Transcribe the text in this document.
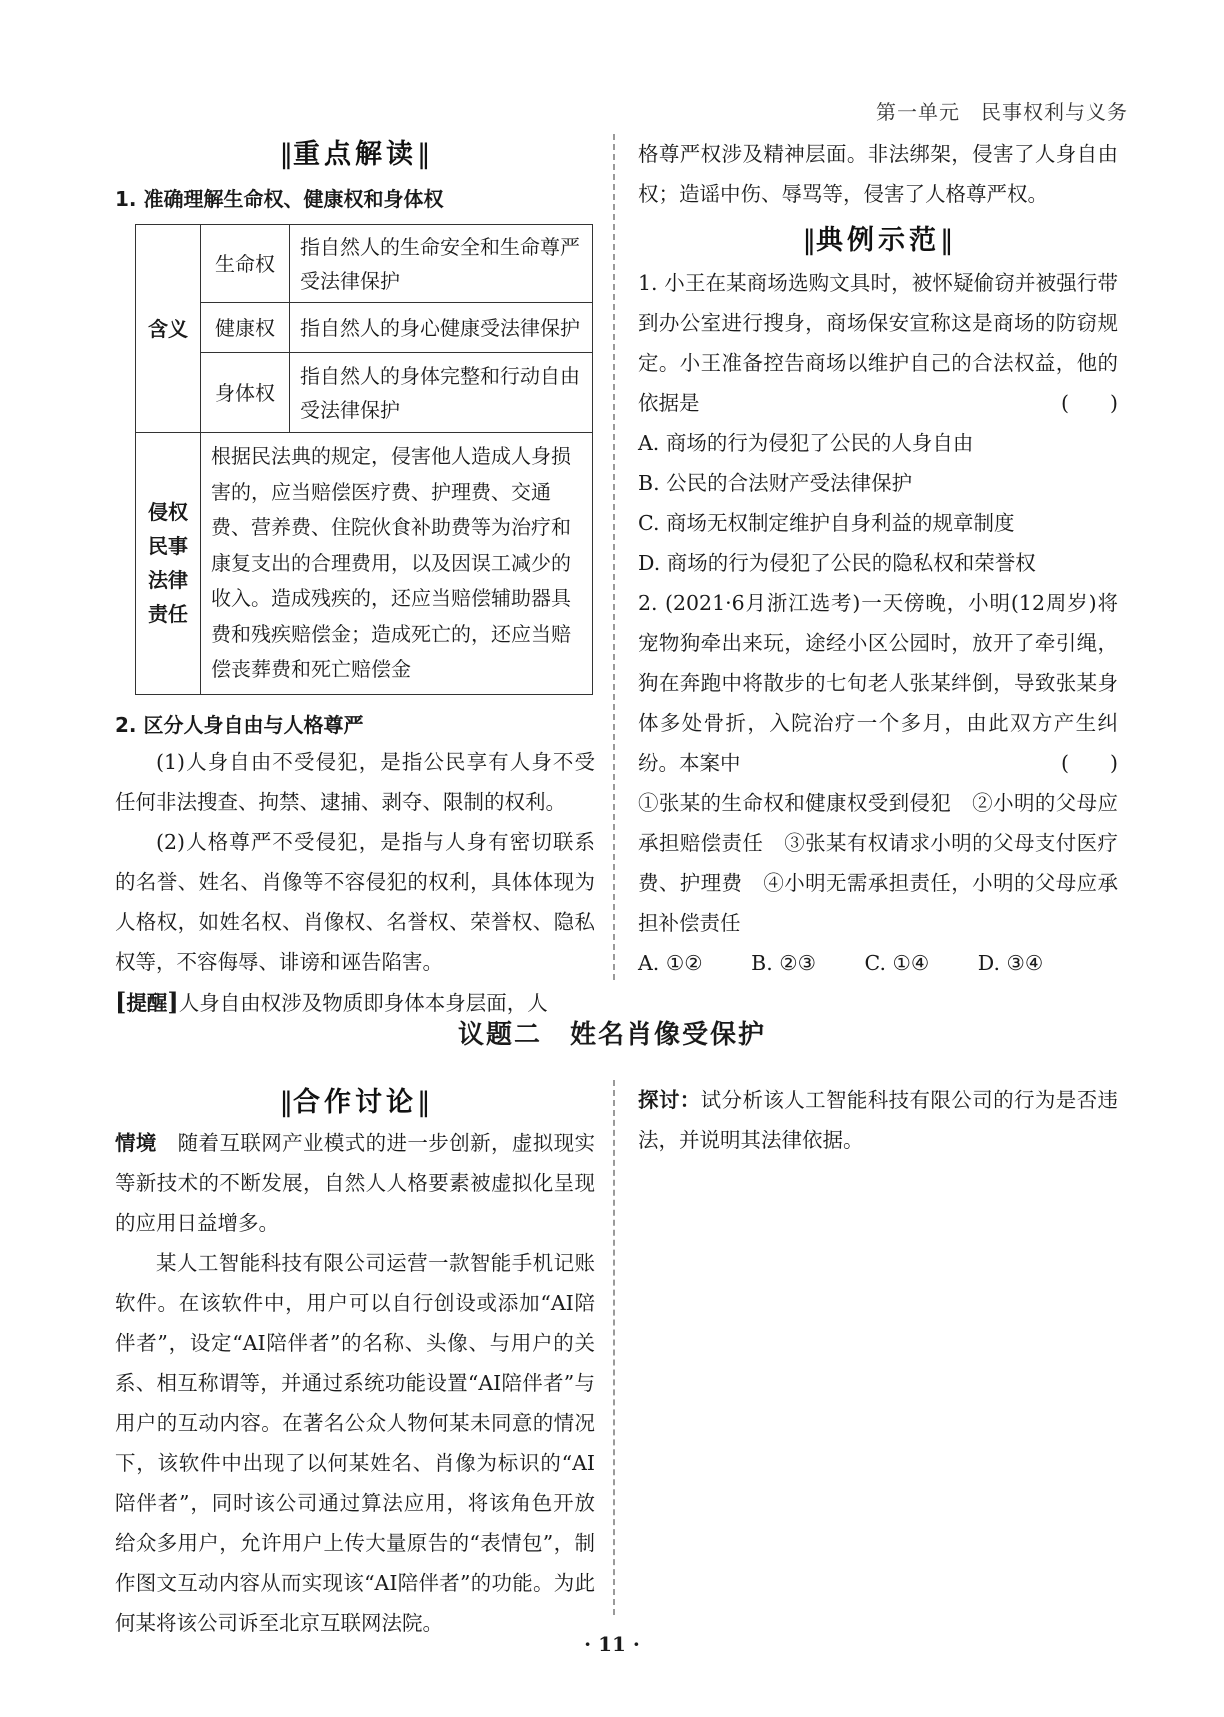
第一单元　民事权利与义务
‖重点解读‖
1. 准确理解生命权、健康权和身体权
含义	生命权	指自然人的生命安全和生命尊严受法律保护
	健康权	指自然人的身心健康受法律保护
	身体权	指自然人的身体完整和行动自由受法律保护

侵权
民事
法律
责任	根据民法典的规定，侵害他人造成人身损害的，应当赔偿医疗费、护理费、交通费、营养费、住院伙食补助费等为治疗和康复支出的合理费用，以及因误工减少的收入。造成残疾的，还应当赔偿辅助器具费和残疾赔偿金；造成死亡的，还应当赔偿丧葬费和死亡赔偿金	
2. 区分人身自由与人格尊严
(1)人身自由不受侵犯，是指公民享有人身不受任何非法搜查、拘禁、逮捕、剥夺、限制的权利。
(2)人格尊严不受侵犯，是指与人身有密切联系的名誉、姓名、肖像等不容侵犯的权利，具体体现为人格权，如姓名权、肖像权、名誉权、荣誉权、隐私权等，不容侮辱、诽谤和诬告陷害。
[提醒]人身自由权涉及物质即身体本身层面，人
格尊严权涉及精神层面。非法绑架，侵害了人身自由权；造谣中伤、辱骂等，侵害了人格尊严权。
‖典例示范‖
1. 小王在某商场选购文具时，被怀疑偷窃并被强行带到办公室进行搜身，商场保安宣称这是商场的防窃规定。小王准备控告商场以维护自己的合法权益，他的依据是	(　　)
A. 商场的行为侵犯了公民的人身自由
B. 公民的合法财产受法律保护
C. 商场无权制定维护自身利益的规章制度
D. 商场的行为侵犯了公民的隐私权和荣誉权
2. (2021·6月浙江选考)一天傍晚，小明(12周岁)将宠物狗牵出来玩，途经小区公园时，放开了牵引绳，狗在奔跑中将散步的七旬老人张某绊倒，导致张某身体多处骨折，入院治疗一个多月，由此双方产生纠纷。本案中	(　　)
①张某的生命权和健康权受到侵犯　②小明的父母应承担赔偿责任　③张某有权请求小明的父母支付医疗费、护理费　④小明无需承担责任，小明的父母应承担补偿责任
A. ①② B. ②③ C. ①④ D. ③④
议题二　姓名肖像受保护
‖合作讨论‖
情境 随着互联网产业模式的进一步创新，虚拟现实等新技术的不断发展，自然人人格要素被虚拟化呈现的应用日益增多。
某人工智能科技有限公司运营一款智能手机记账软件。在该软件中，用户可以自行创设或添加“AI陪伴者”，设定“AI陪伴者”的名称、头像、与用户的关系、相互称谓等，并通过系统功能设置“AI陪伴者”与用户的互动内容。在著名公众人物何某未同意的情况下，该软件中出现了以何某姓名、肖像为标识的“AI陪伴者”，同时该公司通过算法应用，将该角色开放给众多用户，允许用户上传大量原告的“表情包”，制作图文互动内容从而实现该“AI陪伴者”的功能。为此何某将该公司诉至北京互联网法院。
探讨：试分析该人工智能科技有限公司的行为是否违法，并说明其法律依据。
· 11 ·
